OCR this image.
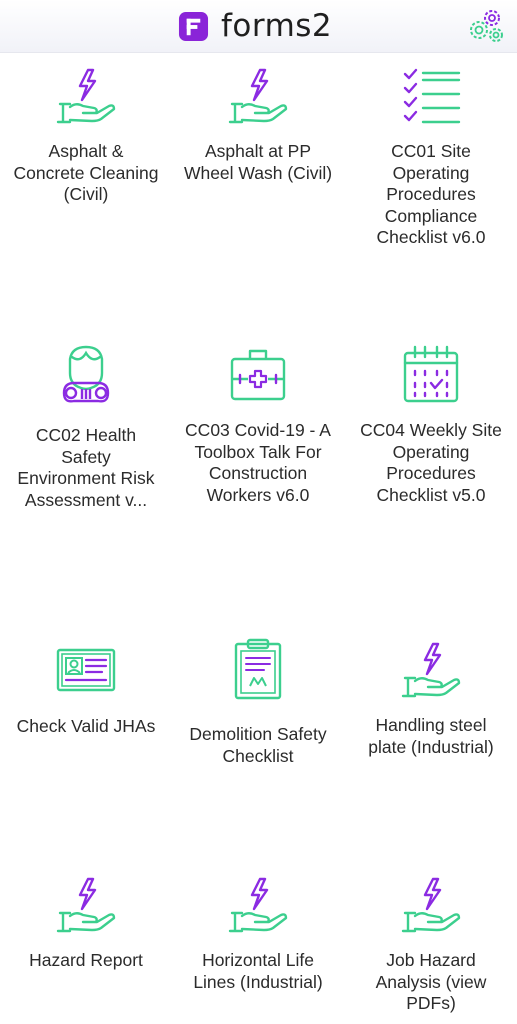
forms2
Asphalt & Concrete Cleaning (Civil)
Asphalt at PP Wheel Wash (Civil)
CC01 Site Operating Procedures Compliance Checklist v6.0
CC02 Health Safety Environment Risk Assessment v...
CC03 Covid-19 - A Toolbox Talk For Construction Workers v6.0
CC04 Weekly Site Operating Procedures Checklist v5.0
Check Valid JHAs	Demolition Safety Checklist
Handling steel plate (Industrial)
Hazard Report	Horizontal Life Lines (Industrial)
Job Hazard Analysis (view PDFs)
